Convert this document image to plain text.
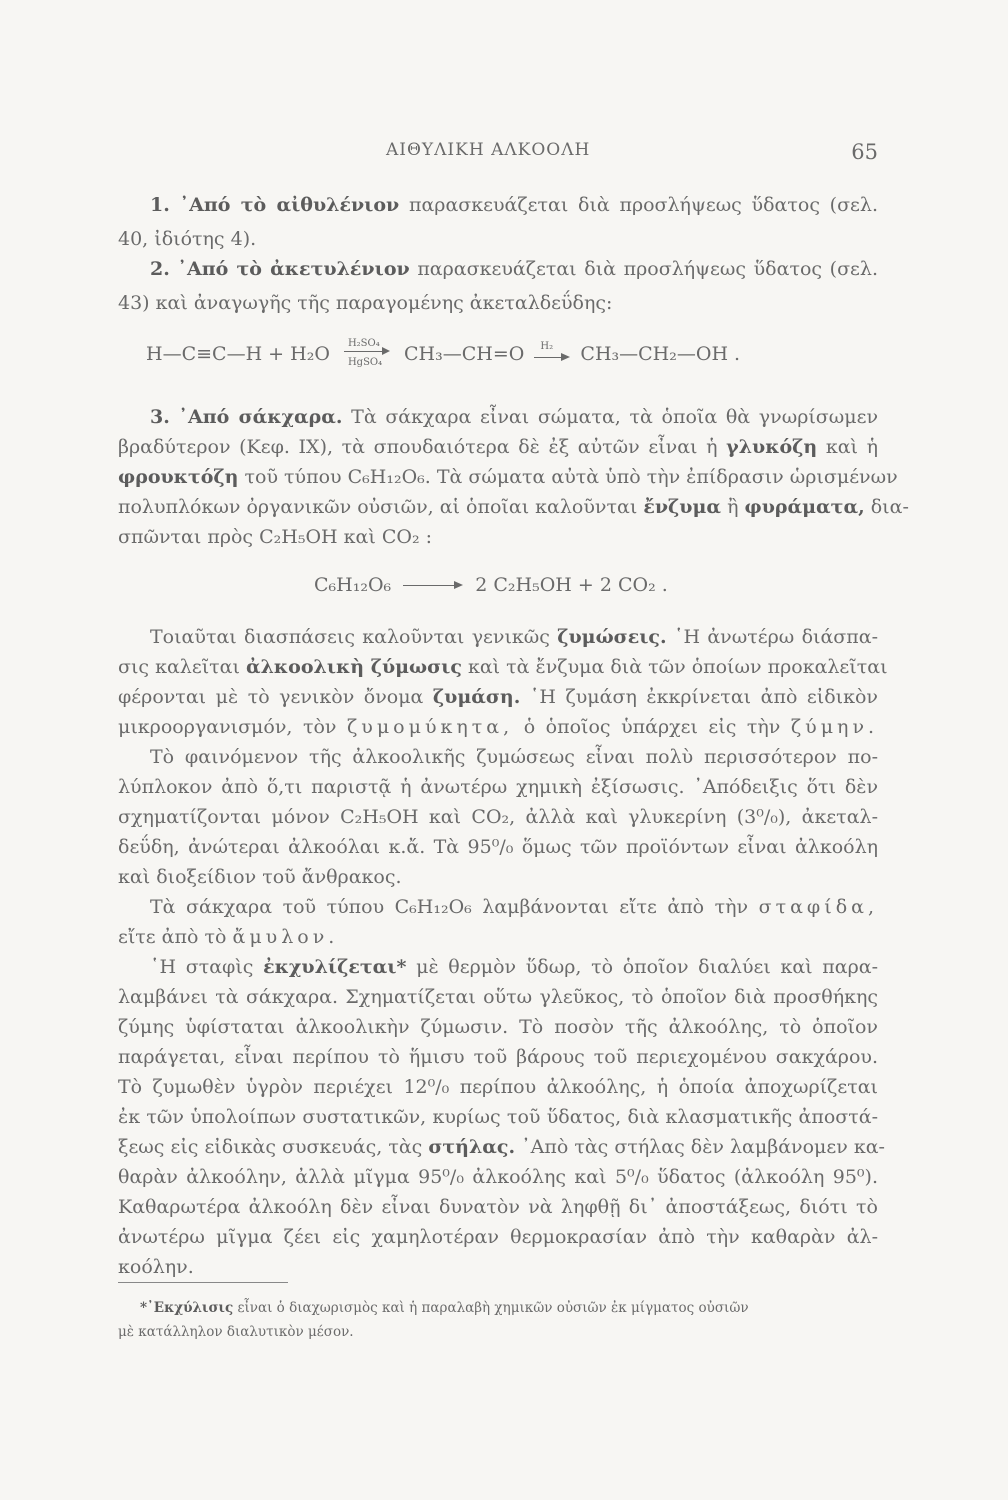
ΑΙΘΥΛΙΚΗ ΑΛΚΟΟΛΗ	65
1. ᾿Από τὸ αἰθυλένιον παρασκευάζεται διὰ προσλήψεως ὕδατος (σελ.
40, ἰδιότης 4).
2. ᾿Από τὸ ἀκετυλένιον παρασκευάζεται διὰ προσλήψεως ὕδατος (σελ.
43) καὶ ἀναγωγῆς τῆς παραγομένης ἀκεταλδεΰδης:
H—C≡C—H + H₂O H₂SO₄
HgSO₄ CH₃—CH=O H₂ CH₃—CH₂—OH .
3. ᾿Από σάκχαρα. Τὰ σάκχαρα εἶναι σώματα, τὰ ὁποῖα θὰ γνωρίσωμεν
βραδύτερον (Κεφ. IX), τὰ σπουδαιότερα δὲ ἐξ αὐτῶν εἶναι ἡ γλυκόζη καὶ ἡ
φρουκτόζη τοῦ τύπου C₆H₁₂O₆. Τὰ σώματα αὐτὰ ὑπὸ τὴν ἐπίδρασιν ὡρισμένων
πολυπλόκων ὀργανικῶν οὐσιῶν, αἱ ὁποῖαι καλοῦνται ἔνζυμα ἢ φυράματα, δια-
σπῶνται πρὸς C₂H₅OH καὶ CO₂ :
C₆H₁₂O₆	2 C₂H₅OH + 2 CO₂ .
Τοιαῦται διασπάσεις καλοῦνται γενικῶς ζυμώσεις. ῾Η ἀνωτέρω διάσπα-
σις καλεῖται ἀλκοολικὴ ζύμωσις καὶ τὰ ἔνζυμα διὰ τῶν ὁποίων προκαλεῖται
φέρονται μὲ τὸ γενικὸν ὄνομα ζυμάση. ῾Η ζυμάση ἐκκρίνεται ἀπὸ εἰδικὸν
μικροοργανισμόν, τὸν ζυμομύκητα, ὁ ὁποῖος ὑπάρχει εἰς τὴν ζύμην.
Τὸ φαινόμενον τῆς ἀλκοολικῆς ζυμώσεως εἶναι πολὺ περισσότερον πο-
λύπλοκον ἀπὸ ὅ,τι παριστᾷ ἡ ἀνωτέρω χημικὴ ἐξίσωσις. ᾿Απόδειξις ὅτι δὲν
σχηματίζονται μόνον C₂H₅OH καὶ CO₂, ἀλλὰ καὶ γλυκερίνη (3⁰/₀), ἀκεταλ-
δεΰδη, ἀνώτεραι ἀλκοόλαι κ.ἄ. Τὰ 95⁰/₀ ὅμως τῶν προϊόντων εἶναι ἀλκοόλη
καὶ διοξείδιον τοῦ ἄνθρακος.
Τὰ σάκχαρα τοῦ τύπου C₆H₁₂O₆ λαμβάνονται εἴτε ἀπὸ τὴν σταφίδα,
εἴτε ἀπὸ τὸ ἄμυλον.
῾Η σταφὶς ἐκχυλίζεται* μὲ θερμὸν ὕδωρ, τὸ ὁποῖον διαλύει καὶ παρα-
λαμβάνει τὰ σάκχαρα. Σχηματίζεται οὕτω γλεῦκος, τὸ ὁποῖον διὰ προσθήκης
ζύμης ὑφίσταται ἀλκοολικὴν ζύμωσιν. Τὸ ποσὸν τῆς ἀλκοόλης, τὸ ὁποῖον
παράγεται, εἶναι περίπου τὸ ἥμισυ τοῦ βάρους τοῦ περιεχομένου σακχάρου.
Τὸ ζυμωθὲν ὑγρὸν περιέχει 12⁰/₀ περίπου ἀλκοόλης, ἡ ὁποία ἀποχωρίζεται
ἐκ τῶν ὑπολοίπων συστατικῶν, κυρίως τοῦ ὕδατος, διὰ κλασματικῆς ἀποστά-
ξεως εἰς εἰδικὰς συσκευάς, τὰς στήλας. ᾿Απὸ τὰς στήλας δὲν λαμβάνομεν κα-
θαρὰν ἀλκοόλην, ἀλλὰ μῖγμα 95⁰/₀ ἀλκοόλης καὶ 5⁰/₀ ὕδατος (ἀλκοόλη 95⁰).
Καθαρωτέρα ἀλκοόλη δὲν εἶναι δυνατὸν νὰ ληφθῇ δι᾿ ἀποστάξεως, διότι τὸ
ἀνωτέρω μῖγμα ζέει εἰς χαμηλοτέραν θερμοκρασίαν ἀπὸ τὴν καθαρὰν ἀλ-
κοόλην.
*᾿Εκχύλισις εἶναι ὁ διαχωρισμὸς καὶ ἡ παραλαβὴ χημικῶν οὐσιῶν ἐκ μίγματος οὐσιῶν
μὲ κατάλληλον διαλυτικὸν μέσον.
